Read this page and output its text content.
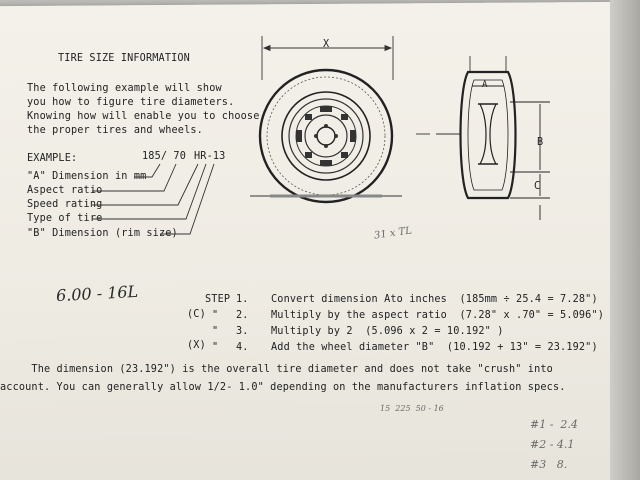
TIRE SIZE INFORMATION
The following example will show
you how to figure tire diameters.
Knowing how will enable you to choose
the proper tires and wheels.
EXAMPLE:	185/ 70 HR-13
"A" Dimension in mm
Aspect ratio
Speed rating
Type of tire
"B" Dimension (rim size)
X
A
B
C
31 x TL
6.00 - 16L
(C)
(X)
STEP 1. Convert dimension Ato inches  (185mm ÷ 25.4 = 7.28")
" 2. Multiply by the aspect ratio  (7.28" x .70" = 5.096")
" 3. Multiply by 2  (5.096 x 2 = 10.192" )
" 4. Add the wheel diameter "B"  (10.192 + 13" = 23.192")
The dimension (23.192") is the overall tire diameter and does not take "crush" into
account. You can generally allow 1/2- 1.0" depending on the manufacturers inflation specs.
15  225  50 - 16
#1 -  2.4
#2 - 4.1
#3   8.
